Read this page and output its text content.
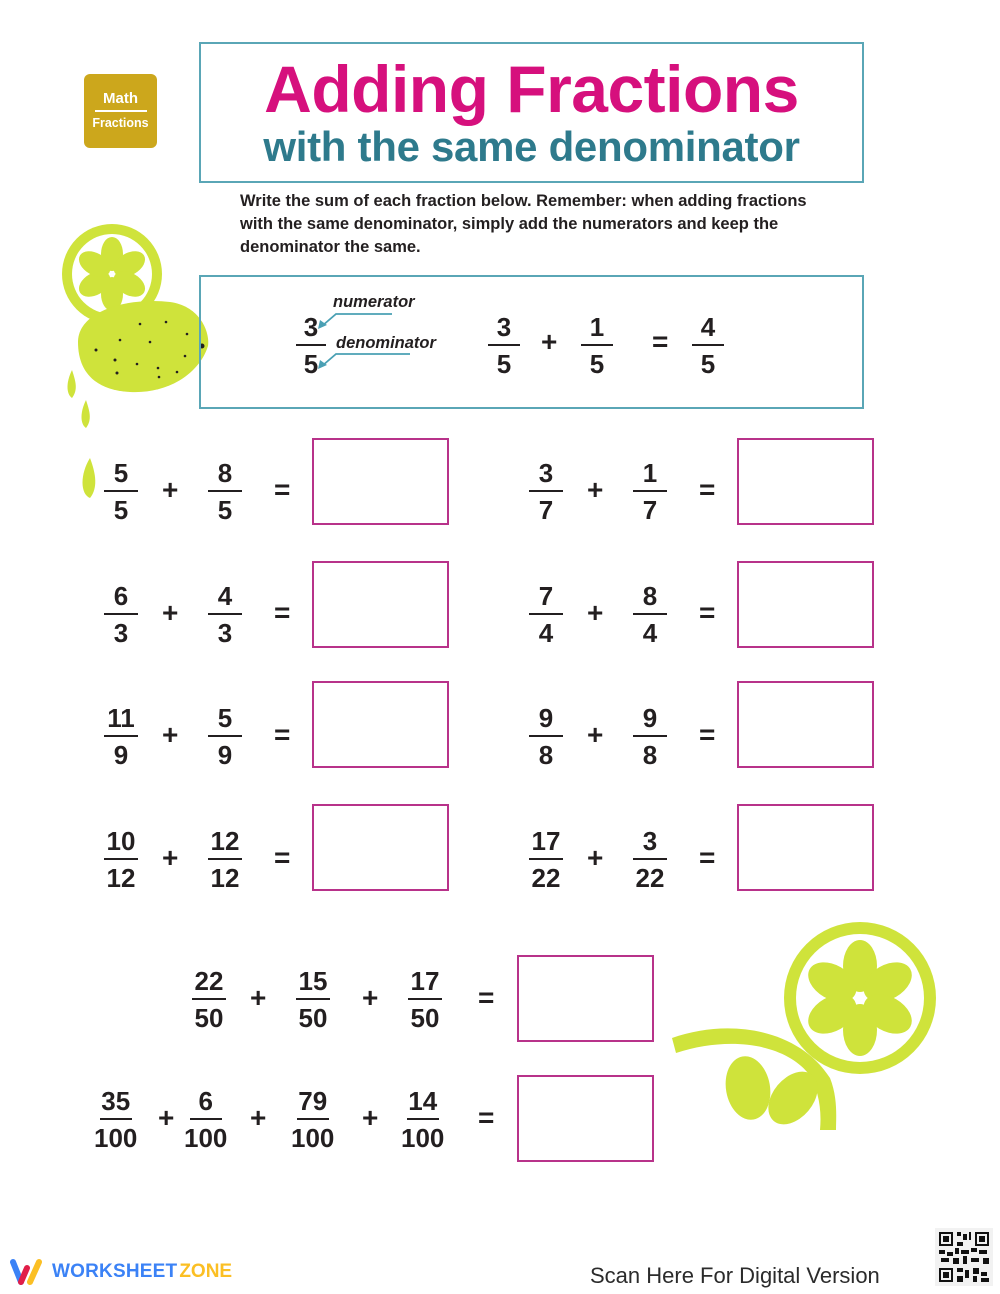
Math
Fractions	Adding Fractions
with the same denominator

Write the sum of each fraction below. Remember: when adding fractions with the same denominator, simply add the numerators and keep the denominator the same.

3
5
numerator
denominator
3
5
+ 1
5
= 4
5
5
5
+
8
5
=
3
7
+
1
7
=
6
3
+
4
3
=
7
4
+
8
4
=
11
9
+
5
9
=
9
8
+
9
8
=
10
12
+
12
12
=
17
22
+
3
22
=
22
50
+
15
50
+
17
50
=
35
100
+
6
100
+
79
100
+
14
100
=
WORKSHEET ZONE	Scan Here For Digital Version
